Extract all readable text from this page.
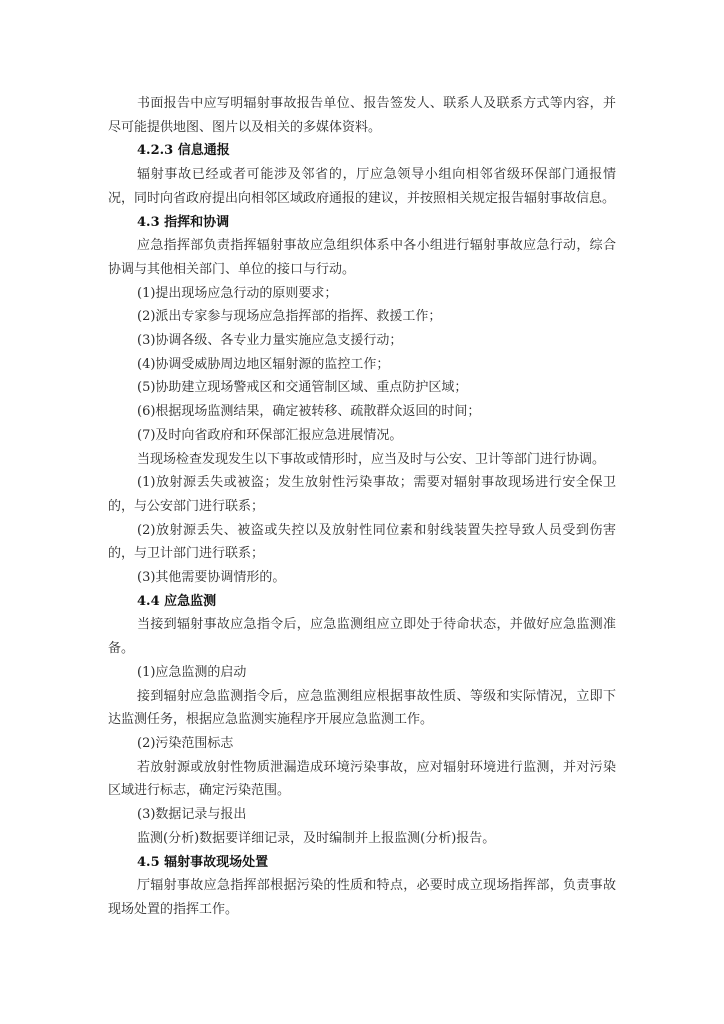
书面报告中应写明辐射事故报告单位、报告签发人、联系人及联系方式等内容，并尽可能提供地图、图片以及相关的多媒体资料。

4.2.3 信息通报

辐射事故已经或者可能涉及邻省的，厅应急领导小组向相邻省级环保部门通报情况，同时向省政府提出向相邻区域政府通报的建议，并按照相关规定报告辐射事故信息。

4.3 指挥和协调

应急指挥部负责指挥辐射事故应急组织体系中各小组进行辐射事故应急行动，综合协调与其他相关部门、单位的接口与行动。

(1)提出现场应急行动的原则要求；

(2)派出专家参与现场应急指挥部的指挥、救援工作；

(3)协调各级、各专业力量实施应急支援行动；

(4)协调受威胁周边地区辐射源的监控工作；

(5)协助建立现场警戒区和交通管制区域、重点防护区域；

(6)根据现场监测结果，确定被转移、疏散群众返回的时间；

(7)及时向省政府和环保部汇报应急进展情况。

当现场检查发现发生以下事故或情形时，应当及时与公安、卫计等部门进行协调。

(1)放射源丢失或被盗；发生放射性污染事故；需要对辐射事故现场进行安全保卫的，与公安部门进行联系；

(2)放射源丢失、被盗或失控以及放射性同位素和射线装置失控导致人员受到伤害的，与卫计部门进行联系；

(3)其他需要协调情形的。

4.4 应急监测

当接到辐射事故应急指令后，应急监测组应立即处于待命状态，并做好应急监测准备。

(1)应急监测的启动

接到辐射应急监测指令后，应急监测组应根据事故性质、等级和实际情况，立即下达监测任务，根据应急监测实施程序开展应急监测工作。

(2)污染范围标志

若放射源或放射性物质泄漏造成环境污染事故，应对辐射环境进行监测，并对污染区域进行标志，确定污染范围。

(3)数据记录与报出

监测(分析)数据要详细记录，及时编制并上报监测(分析)报告。

4.5 辐射事故现场处置

厅辐射事故应急指挥部根据污染的性质和特点，必要时成立现场指挥部，负责事故现场处置的指挥工作。
